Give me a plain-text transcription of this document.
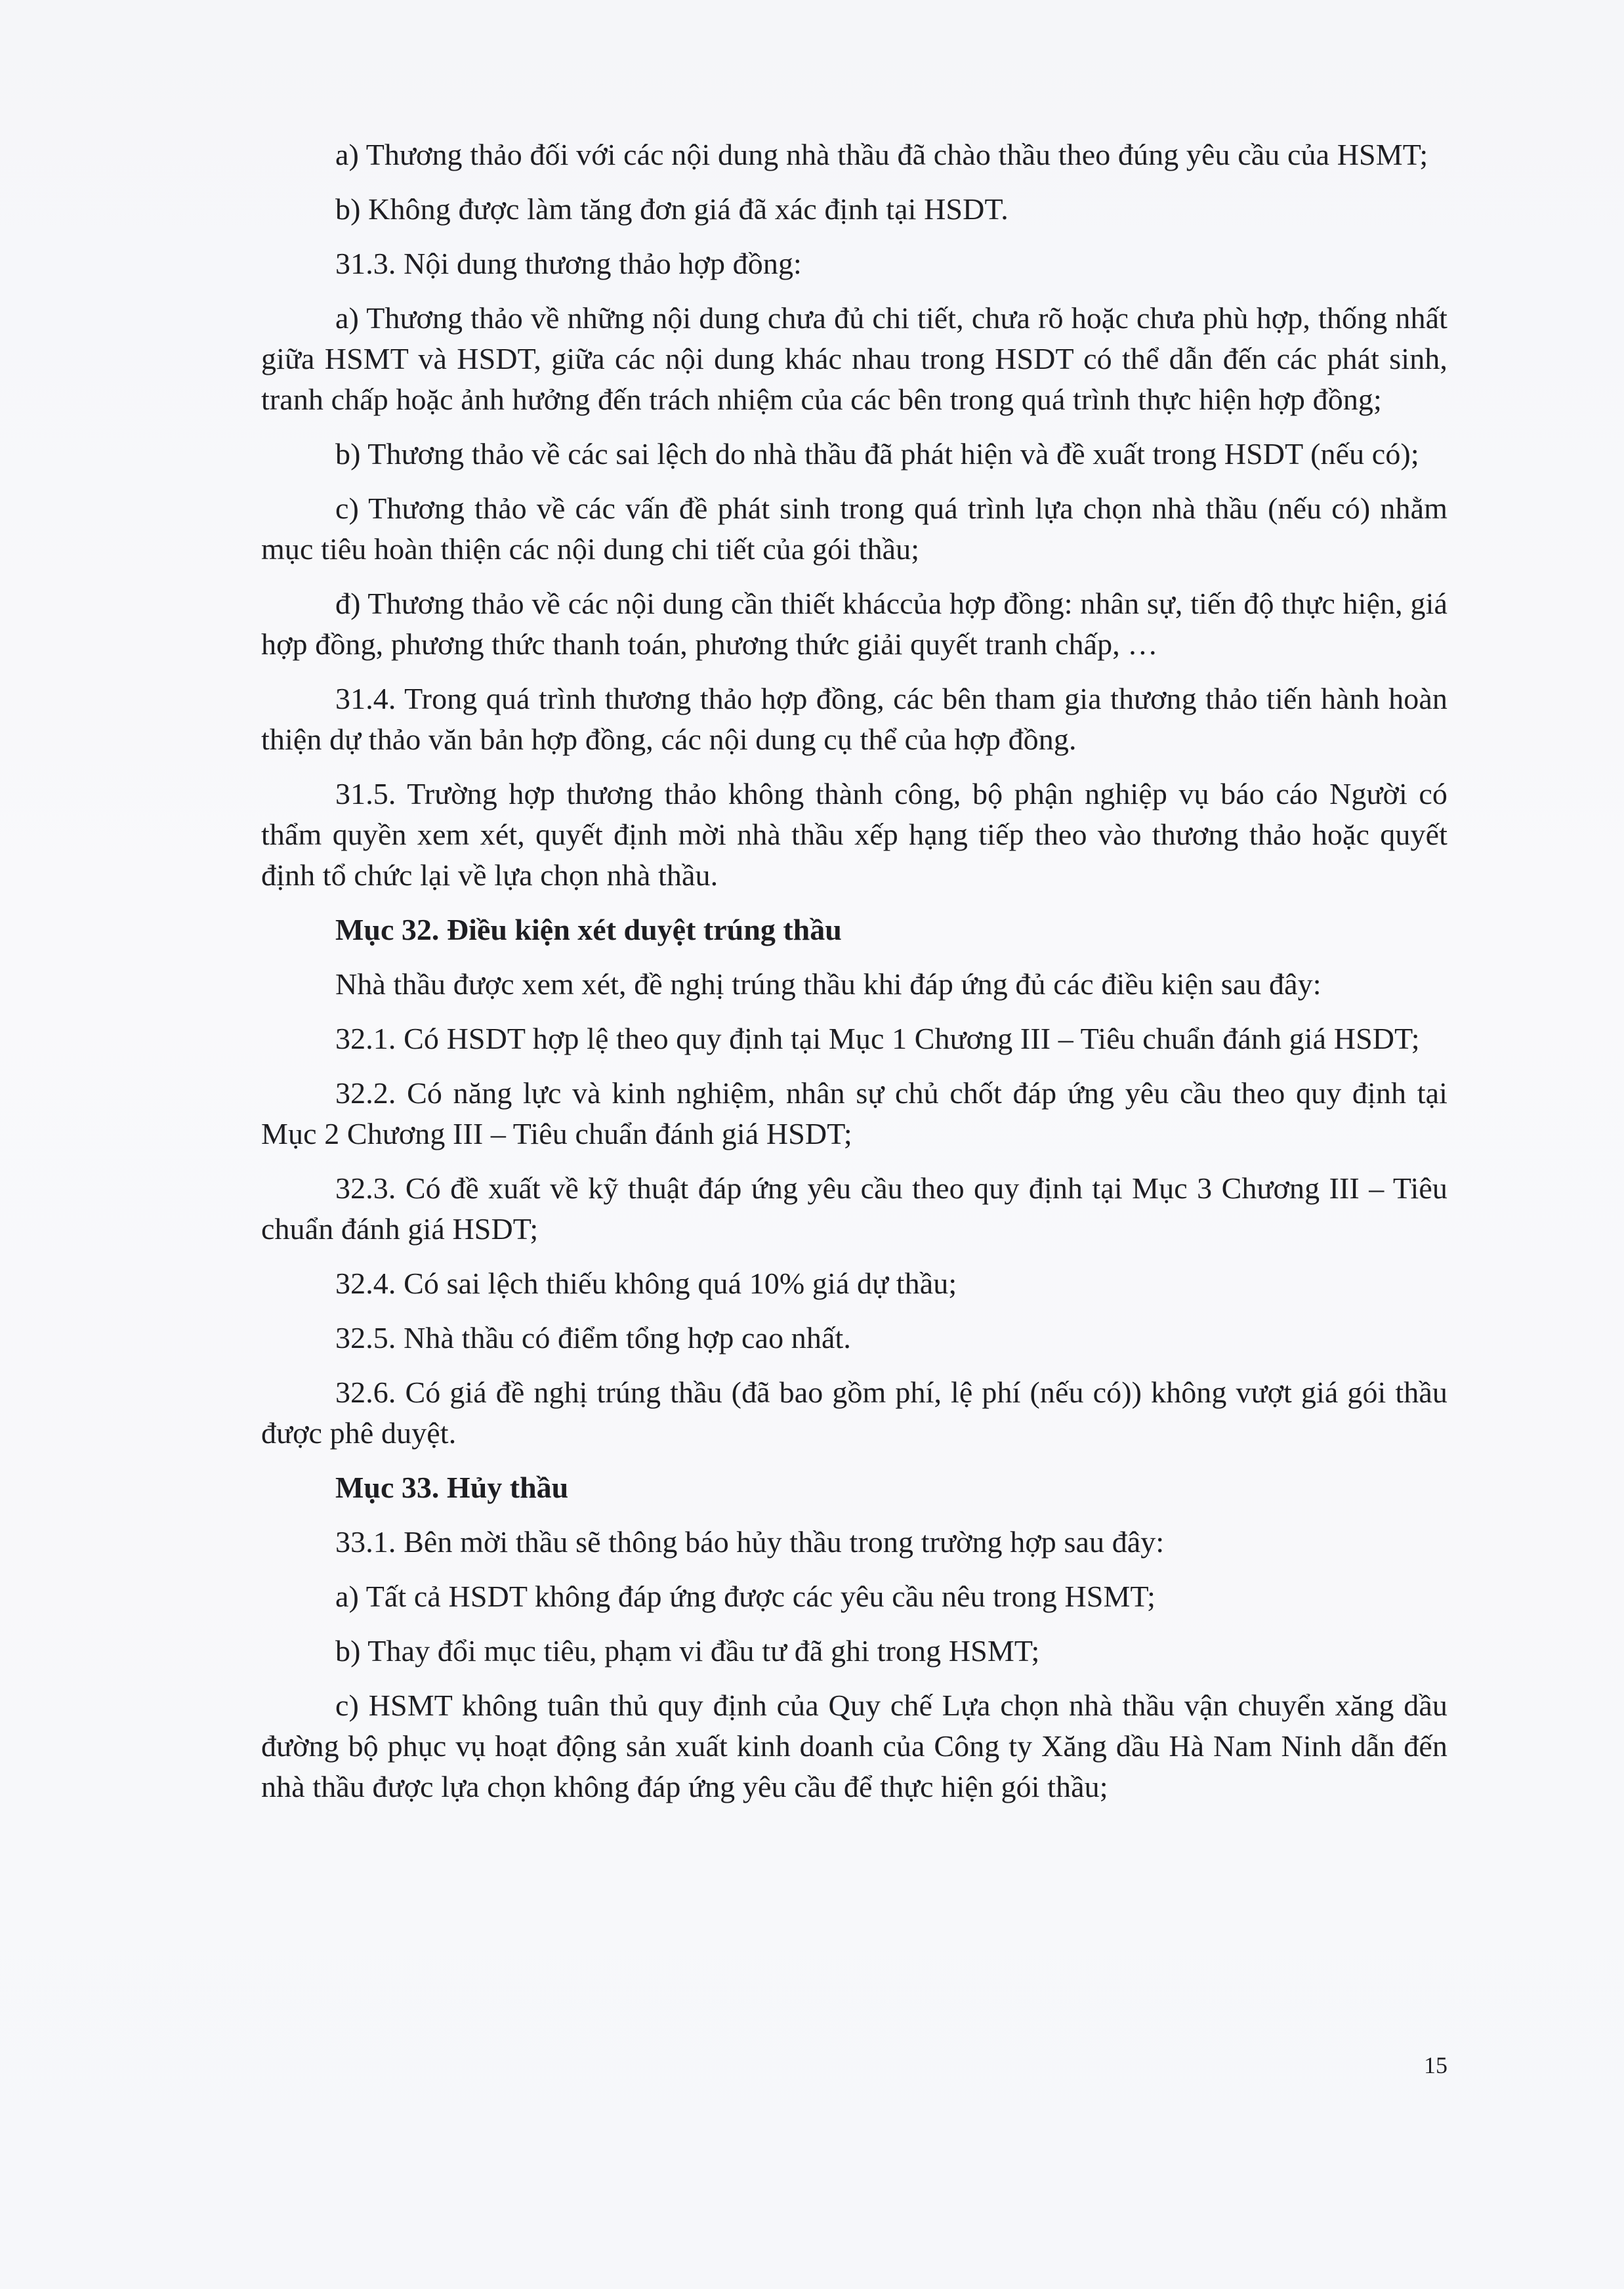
a) Thương thảo đối với các nội dung nhà thầu đã chào thầu theo đúng yêu cầu của HSMT;

b) Không được làm tăng đơn giá đã xác định tại HSDT.

31.3. Nội dung thương thảo hợp đồng:

a) Thương thảo về những nội dung chưa đủ chi tiết, chưa rõ hoặc chưa phù hợp, thống nhất giữa HSMT và HSDT, giữa các nội dung khác nhau trong HSDT có thể dẫn đến các phát sinh, tranh chấp hoặc ảnh hưởng đến trách nhiệm của các bên trong quá trình thực hiện hợp đồng;

b) Thương thảo về các sai lệch do nhà thầu đã phát hiện và đề xuất trong HSDT (nếu có);

c) Thương thảo về các vấn đề phát sinh trong quá trình lựa chọn nhà thầu (nếu có) nhằm mục tiêu hoàn thiện các nội dung chi tiết của gói thầu;

đ) Thương thảo về các nội dung cần thiết kháccủa hợp đồng: nhân sự, tiến độ thực hiện, giá hợp đồng, phương thức thanh toán, phương thức giải quyết tranh chấp, …

31.4. Trong quá trình thương thảo hợp đồng, các bên tham gia thương thảo tiến hành hoàn thiện dự thảo văn bản hợp đồng, các nội dung cụ thể của hợp đồng.

31.5. Trường hợp thương thảo không thành công, bộ phận nghiệp vụ báo cáo Người có thẩm quyền xem xét, quyết định mời nhà thầu xếp hạng tiếp theo vào thương thảo hoặc quyết định tổ chức lại về lựa chọn nhà thầu.

Mục 32. Điều kiện xét duyệt trúng thầu

Nhà thầu được xem xét, đề nghị trúng thầu khi đáp ứng đủ các điều kiện sau đây:

32.1. Có HSDT hợp lệ theo quy định tại Mục 1 Chương III – Tiêu chuẩn đánh giá HSDT;

32.2. Có năng lực và kinh nghiệm, nhân sự chủ chốt đáp ứng yêu cầu theo quy định tại Mục 2 Chương III – Tiêu chuẩn đánh giá HSDT;

32.3. Có đề xuất về kỹ thuật đáp ứng yêu cầu theo quy định tại Mục 3 Chương III – Tiêu chuẩn đánh giá HSDT;

32.4. Có sai lệch thiếu không quá 10% giá dự thầu;

32.5. Nhà thầu có điểm tổng hợp cao nhất.

32.6. Có giá đề nghị trúng thầu (đã bao gồm phí, lệ phí (nếu có)) không vượt giá gói thầu được phê duyệt.

Mục 33. Hủy thầu

33.1. Bên mời thầu sẽ thông báo hủy thầu trong trường hợp sau đây:

a) Tất cả HSDT không đáp ứng được các yêu cầu nêu trong HSMT;

b) Thay đổi mục tiêu, phạm vi đầu tư đã ghi trong HSMT;

c) HSMT không tuân thủ quy định của Quy chế Lựa chọn nhà thầu vận chuyển xăng dầu đường bộ phục vụ hoạt động sản xuất kinh doanh của Công ty Xăng dầu Hà Nam Ninh dẫn đến nhà thầu được lựa chọn không đáp ứng yêu cầu để thực hiện gói thầu;

15
